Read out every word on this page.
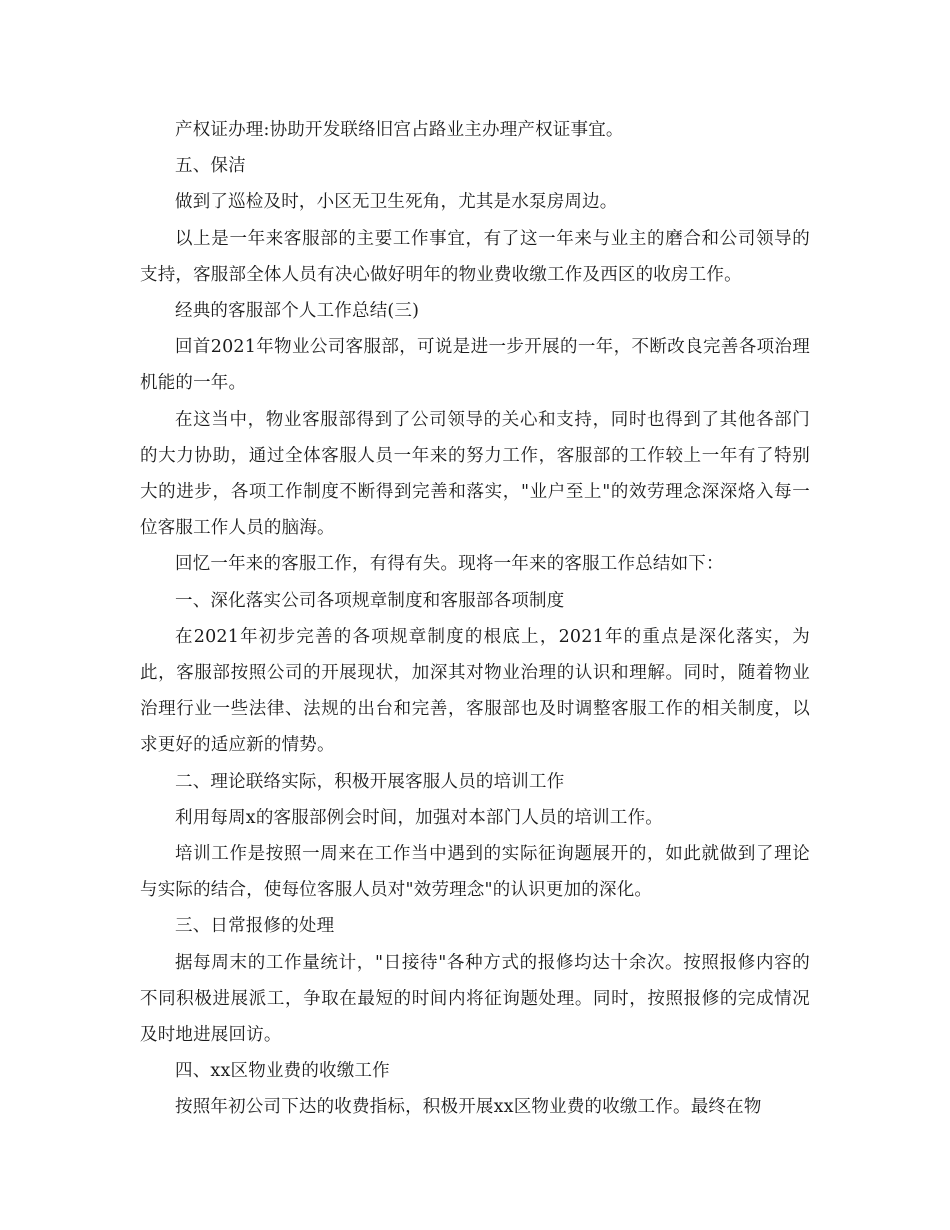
产权证办理:协助开发联络旧宫占路业主办理产权证事宜。

五、保洁

做到了巡检及时，小区无卫生死角，尤其是水泵房周边。

以上是一年来客服部的主要工作事宜，有了这一年来与业主的磨合和公司领导的支持，客服部全体人员有决心做好明年的物业费收缴工作及西区的收房工作。

经典的客服部个人工作总结(三)

回首2021年物业公司客服部，可说是进一步开展的一年，不断改良完善各项治理机能的一年。

在这当中，物业客服部得到了公司领导的关心和支持，同时也得到了其他各部门的大力协助，通过全体客服人员一年来的努力工作，客服部的工作较上一年有了特别大的进步，各项工作制度不断得到完善和落实，"业户至上"的效劳理念深深烙入每一位客服工作人员的脑海。

回忆一年来的客服工作，有得有失。现将一年来的客服工作总结如下：

一、深化落实公司各项规章制度和客服部各项制度

在2021年初步完善的各项规章制度的根底上，2021年的重点是深化落实，为此，客服部按照公司的开展现状，加深其对物业治理的认识和理解。同时，随着物业治理行业一些法律、法规的出台和完善，客服部也及时调整客服工作的相关制度，以求更好的适应新的情势。

二、理论联络实际，积极开展客服人员的培训工作

利用每周x的客服部例会时间，加强对本部门人员的培训工作。

培训工作是按照一周来在工作当中遇到的实际征询题展开的，如此就做到了理论与实际的结合，使每位客服人员对"效劳理念"的认识更加的深化。

三、日常报修的处理

据每周末的工作量统计，"日接待"各种方式的报修均达十余次。按照报修内容的不同积极进展派工，争取在最短的时间内将征询题处理。同时，按照报修的完成情况及时地进展回访。

四、xx区物业费的收缴工作

按照年初公司下达的收费指标，积极开展xx区物业费的收缴工作。最终在物
